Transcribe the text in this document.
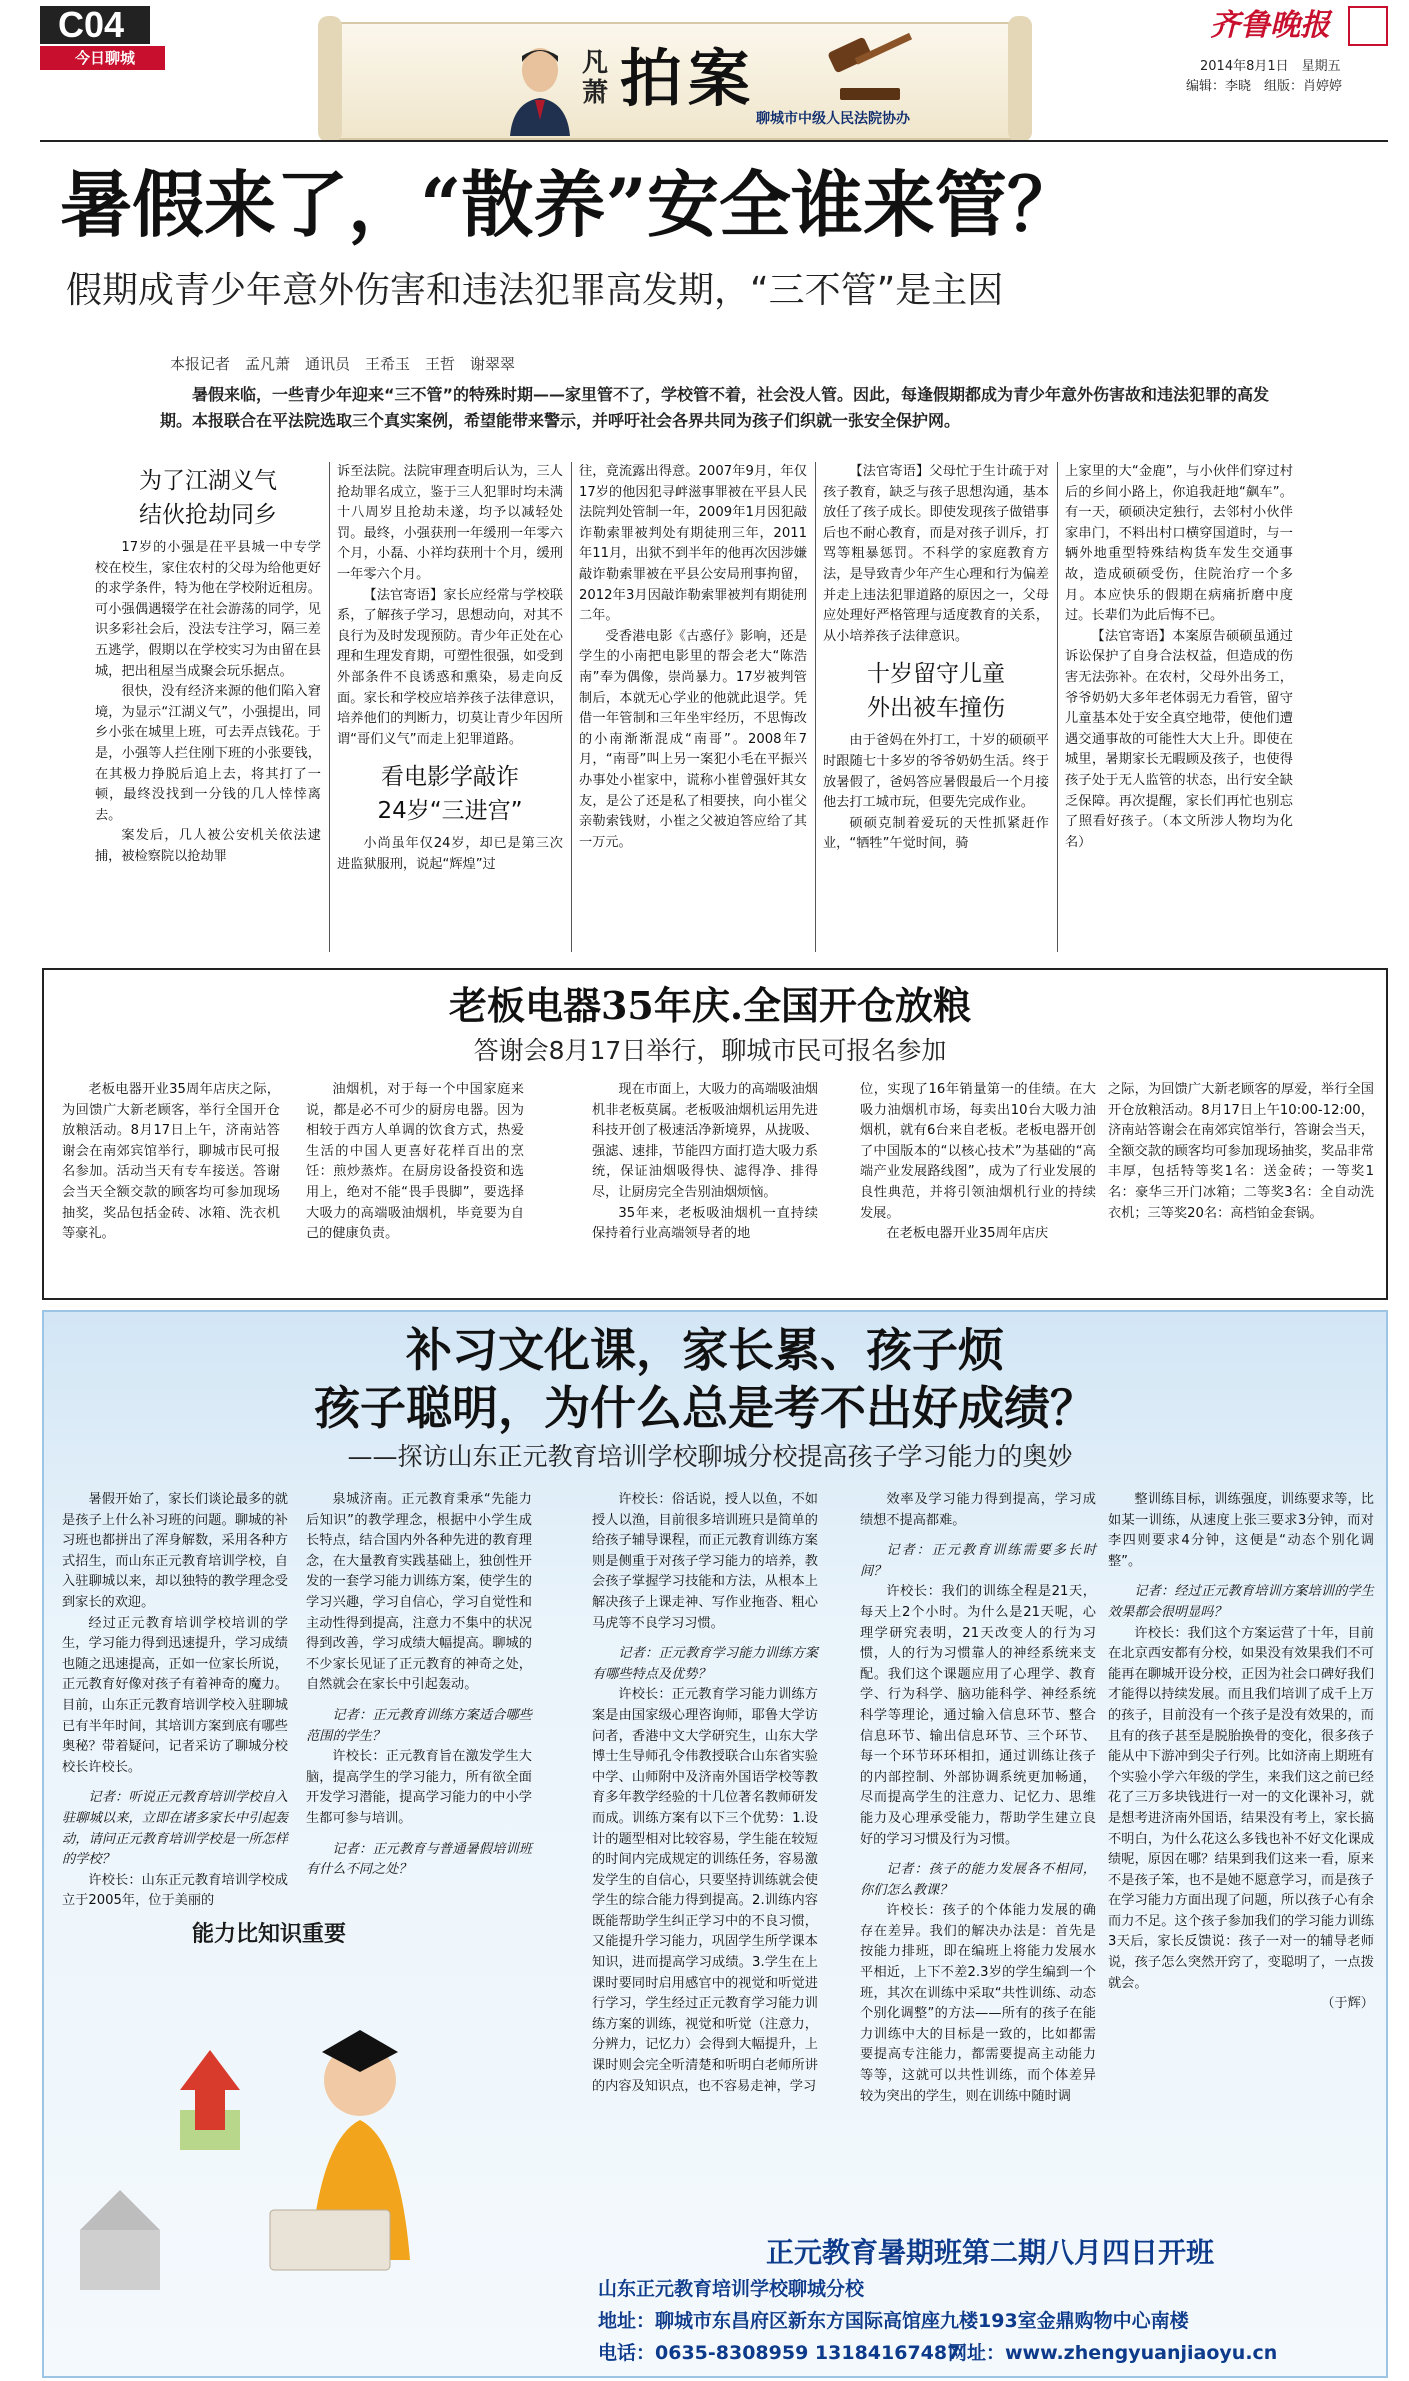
C04
今日聊城	凡萧 拍案
聊城市中级人民法院协办
齐鲁晚报
2014年8月1日　星期五
编辑：李晓　组版：肖婷婷
暑假来了，“散养”安全谁来管？
假期成青少年意外伤害和违法犯罪高发期，“三不管”是主因
本报记者　孟凡萧　通讯员　王希玉　王哲　谢翠翠
暑假来临，一些青少年迎来“三不管”的特殊时期——家里管不了，学校管不着，社会没人管。因此，每逢假期都成为青少年意外伤害故和违法犯罪的高发期。本报联合在平法院选取三个真实案例，希望能带来警示，并呼吁社会各界共同为孩子们织就一张安全保护网。
为了江湖义气
结伙抢劫同乡

17岁的小强是茌平县城一中专学校在校生，家住农村的父母为给他更好的求学条件，特为他在学校附近租房。可小强偶遇辍学在社会游荡的同学，见识多彩社会后，没法专注学习，隔三差五逃学，假期以在学校实习为由留在县城，把出租屋当成聚会玩乐据点。

很快，没有经济来源的他们陷入窘境，为显示“江湖义气”，小强提出，同乡小张在城里上班，可去弄点钱花。于是，小强等人拦住刚下班的小张要钱，在其极力挣脱后追上去，将其打了一顿，最终没找到一分钱的几人悻悻离去。

案发后，几人被公安机关依法逮捕，被检察院以抢劫罪

诉至法院。法院审理查明后认为，三人抢劫罪名成立，鉴于三人犯罪时均未满十八周岁且抢劫未遂，均予以减轻处罚。最终，小强获刑一年缓刑一年零六个月，小磊、小祥均获刑十个月，缓刑一年零六个月。

【法官寄语】家长应经常与学校联系，了解孩子学习，思想动向，对其不良行为及时发现预防。青少年正处在心理和生理发育期，可塑性很强，如受到外部条件不良诱惑和熏染，易走向反面。家长和学校应培养孩子法律意识，培养他们的判断力，切莫让青少年因所谓“哥们义气”而走上犯罪道路。

看电影学敲诈
24岁“三进宫”

小尚虽年仅24岁，却已是第三次进监狱服刑，说起“辉煌”过

往，竟流露出得意。2007年9月，年仅17岁的他因犯寻衅滋事罪被在平县人民法院判处管制一年，2009年1月因犯敲诈勒索罪被判处有期徒刑三年，2011年11月，出狱不到半年的他再次因涉嫌敲诈勒索罪被在平县公安局刑事拘留，2012年3月因敲诈勒索罪被判有期徒刑二年。

受香港电影《古惑仔》影响，还是学生的小南把电影里的帮会老大“陈浩南”奉为偶像，崇尚暴力。17岁被判管制后，本就无心学业的他就此退学。凭借一年管制和三年坐牢经历，不思悔改的小南渐渐混成“南哥”。2008年7月，“南哥”叫上另一案犯小毛在平振兴办事处小崔家中，谎称小崔曾强奸其女友，是公了还是私了相要挟，向小崔父亲勒索钱财，小崔之父被迫答应给了其一万元。

【法官寄语】父母忙于生计疏于对孩子教育，缺乏与孩子思想沟通，基本放任了孩子成长。即使发现孩子做错事后也不耐心教育，而是对孩子训斥，打骂等粗暴惩罚。不科学的家庭教育方法，是导致青少年产生心理和行为偏差并走上违法犯罪道路的原因之一，父母应处理好严格管理与适度教育的关系，从小培养孩子法律意识。

十岁留守儿童
外出被车撞伤

由于爸妈在外打工，十岁的硕硕平时跟随七十多岁的爷爷奶奶生活。终于放暑假了，爸妈答应暑假最后一个月接他去打工城市玩，但要先完成作业。

硕硕克制着爱玩的天性抓紧赶作业，“牺牲”午觉时间，骑

上家里的大“金鹿”，与小伙伴们穿过村后的乡间小路上，你追我赶地“飙车”。有一天，硕硕决定独行，去邻村小伙伴家串门，不料出村口横穿国道时，与一辆外地重型特殊结构货车发生交通事故，造成硕硕受伤，住院治疗一个多月。本应快乐的假期在病痛折磨中度过。长辈们为此后悔不已。

【法官寄语】本案原告硕硕虽通过诉讼保护了自身合法权益，但造成的伤害无法弥补。在农村，父母外出务工，爷爷奶奶大多年老体弱无力看管，留守儿童基本处于安全真空地带，使他们遭遇交通事故的可能性大大上升。即使在城里，暑期家长无暇顾及孩子，也使得孩子处于无人监管的状态，出行安全缺乏保障。再次提醒，家长们再忙也别忘了照看好孩子。（本文所涉人物均为化名）

老板电器35年庆.全国开仓放粮
答谢会8月17日举行，聊城市民可报名参加

老板电器开业35周年店庆之际，为回馈广大新老顾客，举行全国开仓放粮活动。8月17日上午，济南站答谢会在南郊宾馆举行，聊城市民可报名参加。活动当天有专车接送。答谢会当天全额交款的顾客均可参加现场抽奖，奖品包括金砖、冰箱、洗衣机等豪礼。

油烟机，对于每一个中国家庭来说，都是必不可少的厨房电器。因为相较于西方人单调的饮食方式，热爱生活的中国人更喜好花样百出的烹饪：煎炒蒸炸。在厨房设备投资和选用上，绝对不能“畏手畏脚”，要选择大吸力的高端吸油烟机，毕竟要为自己的健康负责。

现在市面上，大吸力的高端吸油烟机非老板莫属。老板吸油烟机运用先进科技开创了极速活净新境界，从拢吸、强滤、速排，节能四方面打造大吸力系统，保证油烟吸得快、滤得净、排得尽，让厨房完全告别油烟烦恼。

35年来，老板吸油烟机一直持续保持着行业高端领导者的地

位，实现了16年销量第一的佳绩。在大吸力油烟机市场，每卖出10台大吸力油烟机，就有6台来自老板。老板电器开创了中国版本的“以核心技术”为基础的“高端产业发展路线图”，成为了行业发展的良性典范，并将引领油烟机行业的持续发展。

在老板电器开业35周年店庆

之际，为回馈广大新老顾客的厚爱，举行全国开仓放粮活动。8月17日上午10:00-12:00，济南站答谢会在南郊宾馆举行，答谢会当天，全额交款的顾客均可参加现场抽奖，奖品非常丰厚，包括特等奖1名：送金砖；一等奖1名：豪华三开门冰箱；二等奖3名：全自动洗衣机；三等奖20名：高档铂金套锅。

补习文化课，家长累、孩子烦
孩子聪明，为什么总是考不出好成绩？
——探访山东正元教育培训学校聊城分校提高孩子学习能力的奥妙

暑假开始了，家长们谈论最多的就是孩子上什么补习班的问题。聊城的补习班也都拼出了浑身解数，采用各种方式招生，而山东正元教育培训学校，自入驻聊城以来，却以独特的教学理念受到家长的欢迎。

经过正元教育培训学校培训的学生，学习能力得到迅速提升，学习成绩也随之迅速提高，正如一位家长所说，正元教育好像对孩子有着神奇的魔力。目前，山东正元教育培训学校入驻聊城已有半年时间，其培训方案到底有哪些奥秘？带着疑问，记者采访了聊城分校校长许校长。

记者：听说正元教育培训学校自入驻聊城以来，立即在诸多家长中引起轰动，请问正元教育培训学校是一所怎样的学校？

许校长：山东正元教育培训学校成立于2005年，位于美丽的

泉城济南。正元教育秉承“先能力后知识”的教学理念，根据中小学生成长特点，结合国内外各种先进的教育理念，在大量教育实践基础上，独创性开发的一套学习能力训练方案，使学生的学习兴趣，学习自信心，学习自觉性和主动性得到提高，注意力不集中的状况得到改善，学习成绩大幅提高。聊城的不少家长见证了正元教育的神奇之处，自然就会在家长中引起轰动。

记者：正元教育训练方案适合哪些范围的学生？

许校长：正元教育旨在激发学生大脑，提高学生的学习能力，所有欲全面开发学习潜能，提高学习能力的中小学生都可参与培训。

记者：正元教育与普通暑假培训班有什么不同之处？

许校长：俗话说，授人以鱼，不如授人以渔，目前很多培训班只是简单的给孩子辅导课程，而正元教育训练方案则是侧重于对孩子学习能力的培养，教会孩子掌握学习技能和方法，从根本上解决孩子上课走神、写作业拖沓、粗心马虎等不良学习习惯。

记者：正元教育学习能力训练方案有哪些特点及优势？

许校长：正元教育学习能力训练方案是由国家级心理咨询师，耶鲁大学访问者，香港中文大学研究生，山东大学博士生导师孔令伟教授联合山东省实验中学、山师附中及济南外国语学校等教育多年教学经验的十几位著名教师研发而成。训练方案有以下三个优势：1.设计的题型相对比较容易，学生能在较短的时间内完成规定的训练任务，容易激发学生的自信心，只要坚持训练就会使学生的综合能力得到提高。2.训练内容既能帮助学生纠正学习中的不良习惯，又能提升学习能力，巩固学生所学课本知识，进而提高学习成绩。3.学生在上课时要同时启用感官中的视觉和听觉进行学习，学生经过正元教育学习能力训练方案的训练，视觉和听觉（注意力，分辨力，记忆力）会得到大幅提升，上课时则会完全听清楚和听明白老师所讲的内容及知识点，也不容易走神，学习

效率及学习能力得到提高，学习成绩想不提高都难。

记者：正元教育训练需要多长时间？

许校长：我们的训练全程是21天，每天上2个小时。为什么是21天呢，心理学研究表明，21天改变人的行为习惯，人的行为习惯靠人的神经系统来支配。我们这个课题应用了心理学、教育学、行为科学、脑功能科学、神经系统科学等理论，通过输入信息环节、整合信息环节、输出信息环节、三个环节、每一个环节环环相扣，通过训练让孩子的内部控制、外部协调系统更加畅通，尽而提高学生的注意力、记忆力、思维能力及心理承受能力，帮助学生建立良好的学习习惯及行为习惯。

记者：孩子的能力发展各不相同，你们怎么教课？

许校长：孩子的个体能力发展的确存在差异。我们的解决办法是：首先是按能力排班，即在编班上将能力发展水平相近，上下不差2.3岁的学生编到一个班，其次在训练中采取“共性训练、动态个别化调整”的方法——所有的孩子在能力训练中大的目标是一致的，比如都需要提高专注能力，都需要提高主动能力等等，这就可以共性训练，而个体差异较为突出的学生，则在训练中随时调

整训练目标，训练强度，训练要求等，比如某一训练，从速度上张三要求3分钟，而对李四则要求4分钟，这便是“动态个别化调整”。

记者：经过正元教育培训方案培训的学生效果都会很明显吗？

许校长：我们这个方案运营了十年，目前在北京西安都有分校，如果没有效果我们不可能再在聊城开设分校，正因为社会口碑好我们才能得以持续发展。而且我们培训了成千上万的孩子，目前没有一个孩子是没有效果的，而且有的孩子甚至是脱胎换骨的变化，很多孩子能从中下游冲到尖子行列。比如济南上期班有个实验小学六年级的学生，来我们这之前已经花了三万多块钱进行一对一的文化课补习，就是想考进济南外国语，结果没有考上，家长搞不明白，为什么花这么多钱也补不好文化课成绩呢，原因在哪？结果到我们这来一看，原来不是孩子笨，也不是她不愿意学习，而是孩子在学习能力方面出现了问题，所以孩子心有余而力不足。这个孩子参加我们的学习能力训练3天后，家长反馈说：孩子一对一的辅导老师说，孩子怎么突然开窍了，变聪明了，一点拨就会。

（于辉）

能力比知识重要
正元教育暑期班第二期八月四日开班
山东正元教育培训学校聊城分校
地址：聊城市东昌府区新东方国际高馆座九楼193室金鼎购物中心南楼
电话：0635-8308959 13184167487
网址：www.zhengyuanjiaoyu.cn
